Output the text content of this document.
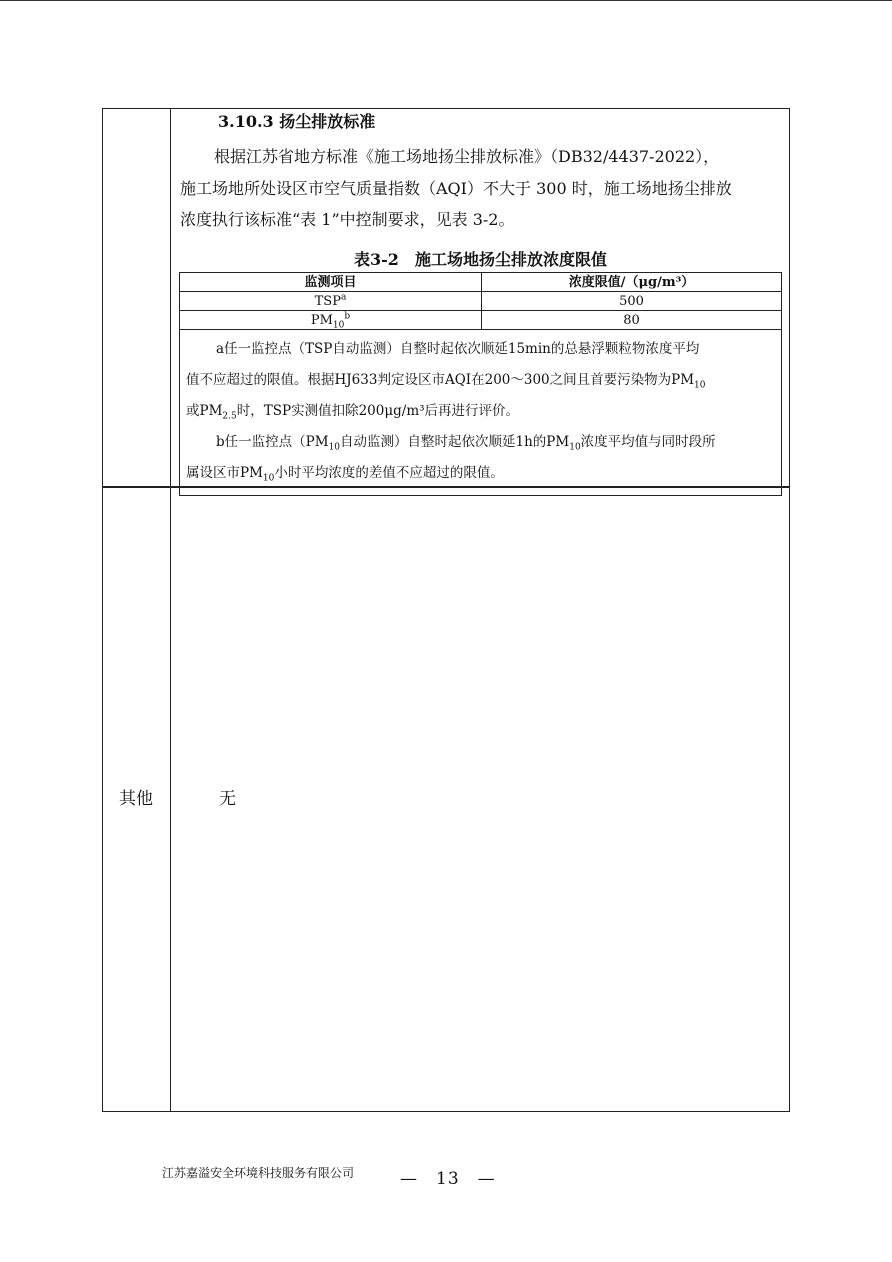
3.10.3 扬尘排放标准
根据江苏省地方标准《施工场地扬尘排放标准》（DB32/4437-2022），
施工场地所处设区市空气质量指数（AQI）不大于 300 时，施工场地扬尘排放
浓度执行该标准“表 1”中控制要求，见表 3-2。
表3-2　施工场地扬尘排放浓度限值
监测项目	浓度限值/（μg/m³）
TSP$^a$	500
$PM_{10}^b$	80

a任一监控点（TSP自动监测）自整时起依次顺延15min的总悬浮颗粒物浓度平均
值不应超过的限值。根据HJ633判定设区市AQI在200～300之间且首要污染物为$PM_{10}$
或$PM_{2.5}$时，TSP实测值扣除200μg/m³后再进行评价。
b任一监控点（$PM_{10}$自动监测）自整时起依次顺延1h的$PM_{10}$浓度平均值与同时段所
属设区市$PM_{10}$小时平均浓度的差值不应超过的限值。	
其他	无
江苏嘉溢安全环境科技服务有限公司	—　13　—
